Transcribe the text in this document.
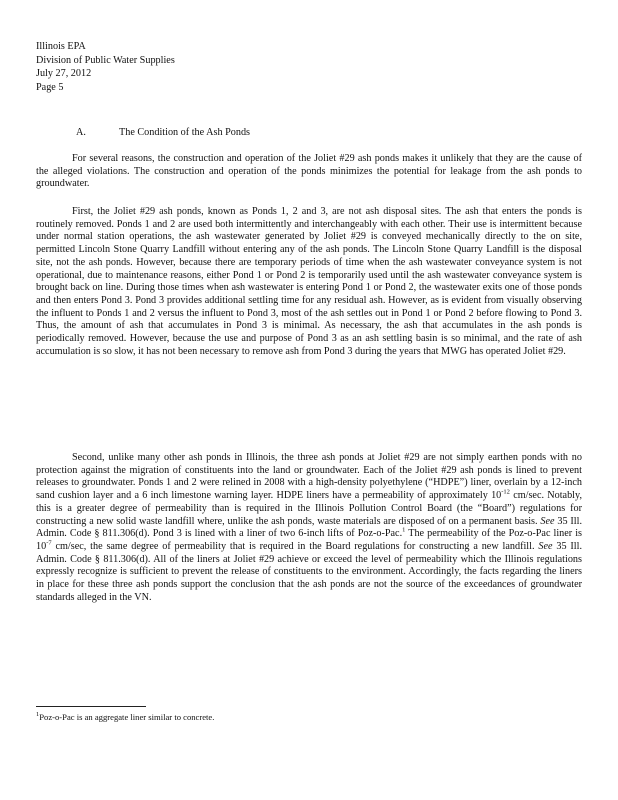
Illinois EPA
Division of Public Water Supplies
July 27, 2012
Page 5
A.	The Condition of the Ash Ponds

For several reasons, the construction and operation of the Joliet #29 ash ponds makes it unlikely that they are the cause of the alleged violations. The construction and operation of the ponds minimizes the potential for leakage from the ash ponds to groundwater.

First, the Joliet #29 ash ponds, known as Ponds 1, 2 and 3, are not ash disposal sites. The ash that enters the ponds is routinely removed. Ponds 1 and 2 are used both intermittently and interchangeably with each other. Their use is intermittent because under normal station operations, the ash wastewater generated by Joliet #29 is conveyed mechanically directly to the on site, permitted Lincoln Stone Quarry Landfill without entering any of the ash ponds. The Lincoln Stone Quarry Landfill is the disposal site, not the ash ponds. However, because there are temporary periods of time when the ash wastewater conveyance system is not operational, due to maintenance reasons, either Pond 1 or Pond 2 is temporarily used until the ash wastewater conveyance system is brought back on line. During those times when ash wastewater is entering Pond 1 or Pond 2, the wastewater exits one of those ponds and then enters Pond 3. Pond 3 provides additional settling time for any residual ash. However, as is evident from visually observing the influent to Ponds 1 and 2 versus the influent to Pond 3, most of the ash settles out in Pond 1 or Pond 2 before flowing to Pond 3. Thus, the amount of ash that accumulates in Pond 3 is minimal. As necessary, the ash that accumulates in the ash ponds is periodically removed. However, because the use and purpose of Pond 3 as an ash settling basin is so minimal, and the rate of ash accumulation is so slow, it has not been necessary to remove ash from Pond 3 during the years that MWG has operated Joliet #29.

Second, unlike many other ash ponds in Illinois, the three ash ponds at Joliet #29 are not simply earthen ponds with no protection against the migration of constituents into the land or groundwater. Each of the Joliet #29 ash ponds is lined to prevent releases to groundwater. Ponds 1 and 2 were relined in 2008 with a high-density polyethylene (“HDPE”) liner, overlain by a 12-inch sand cushion layer and a 6 inch limestone warning layer. HDPE liners have a permeability of approximately $10^{-12}$ cm/sec. Notably, this is a greater degree of permeability than is required in the Illinois Pollution Control Board (the “Board”) regulations for constructing a new solid waste landfill where, unlike the ash ponds, waste materials are disposed of on a permanent basis. See 35 Ill. Admin. Code § 811.306(d). Pond 3 is lined with a liner of two 6-inch lifts of Poz-o-Pac.$^1$ The permeability of the Poz-o-Pac liner is $10^{-7}$ cm/sec, the same degree of permeability that is required in the Board regulations for constructing a new landfill. See 35 Ill. Admin. Code § 811.306(d). All of the liners at Joliet #29 achieve or exceed the level of permeability which the Illinois regulations expressly recognize is sufficient to prevent the release of constituents to the environment. Accordingly, the facts regarding the liners in place for these three ash ponds support the conclusion that the ash ponds are not the source of the exceedances of groundwater standards alleged in the VN.

$^1$Poz-o-Pac is an aggregate liner similar to concrete.
